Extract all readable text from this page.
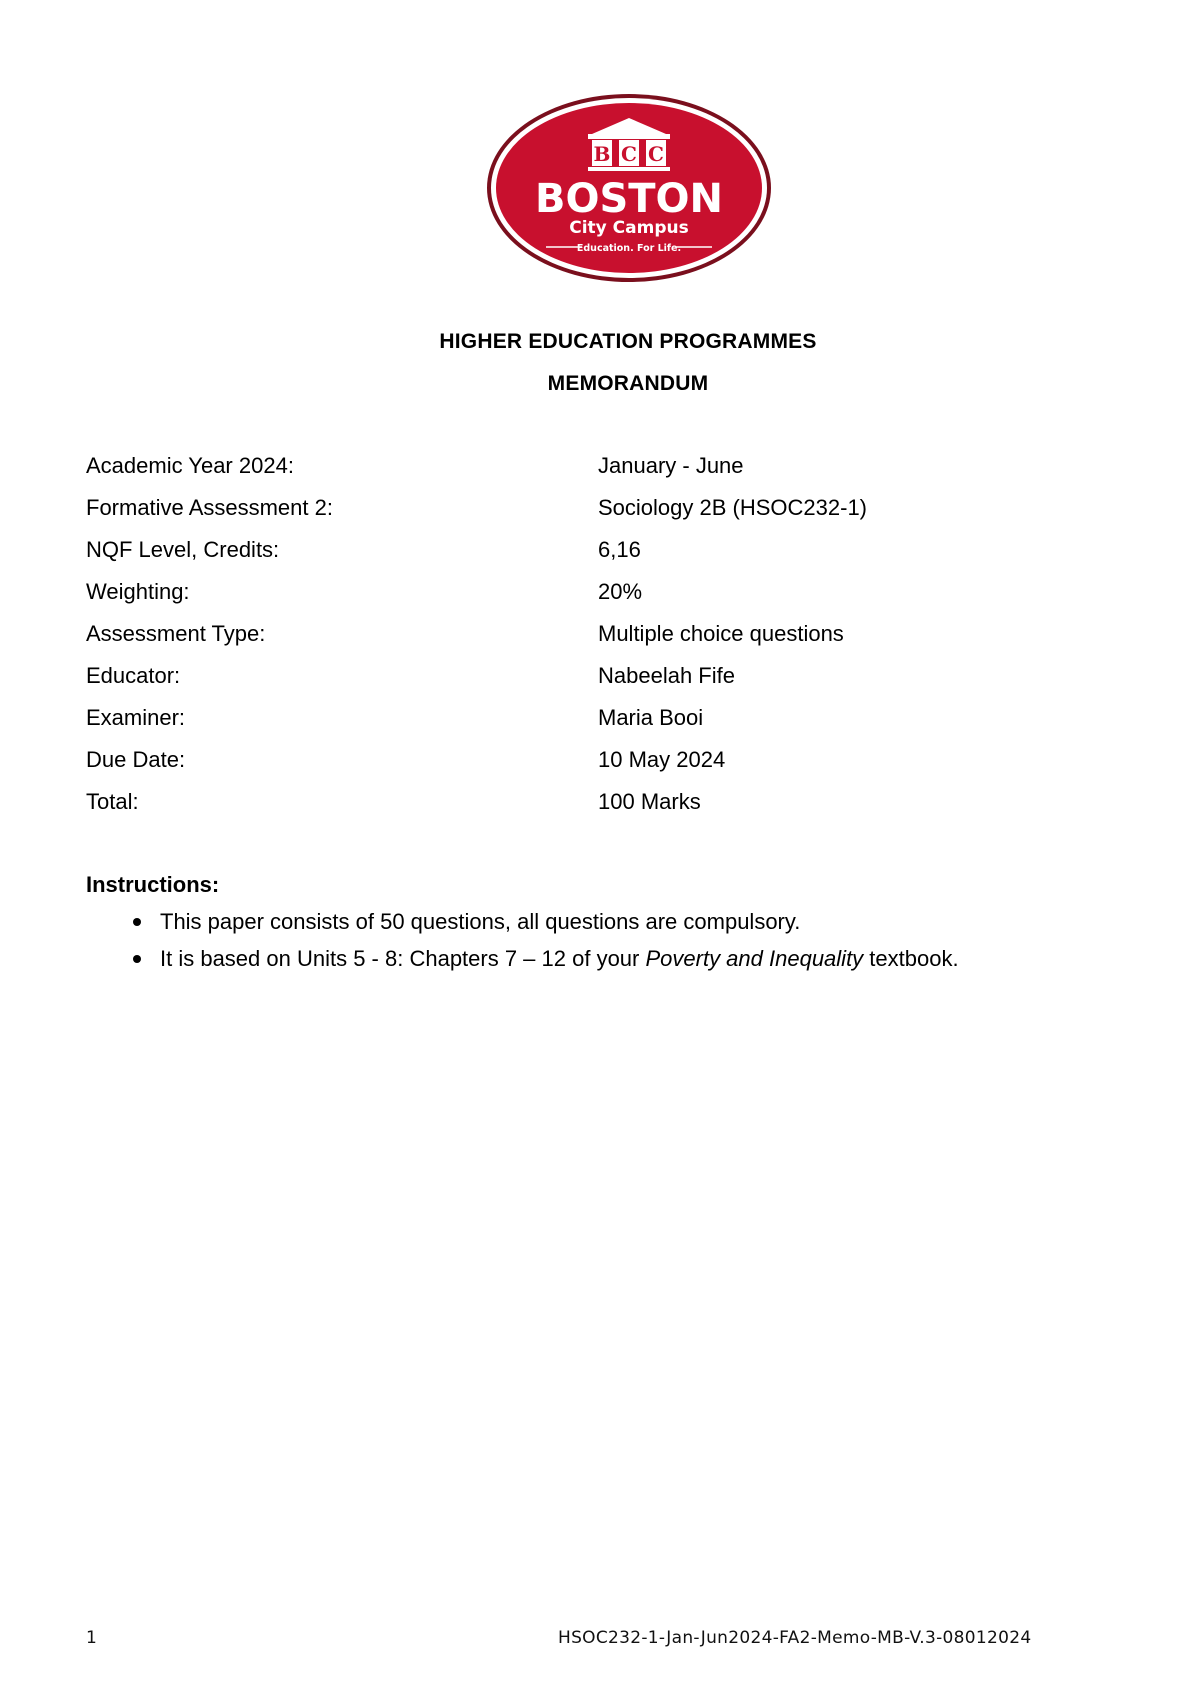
B C C
BOSTON
City Campus
Education. For Life.
HIGHER EDUCATION PROGRAMMES
MEMORANDUM
Academic Year 2024:	January - June
Formative Assessment 2:	Sociology 2B (HSOC232-1)
NQF Level, Credits:	6,16
Weighting:	20%
Assessment Type:	Multiple choice questions
Educator:	Nabeelah Fife
Examiner:	Maria Booi
Due Date:	10 May 2024
Total:	100 Marks
Instructions:
This paper consists of 50 questions, all questions are compulsory.
It is based on Units 5 - 8: Chapters 7 – 12 of your Poverty and Inequality textbook.
1	HSOC232-1-Jan-Jun2024-FA2-Memo-MB-V.3-08012024
